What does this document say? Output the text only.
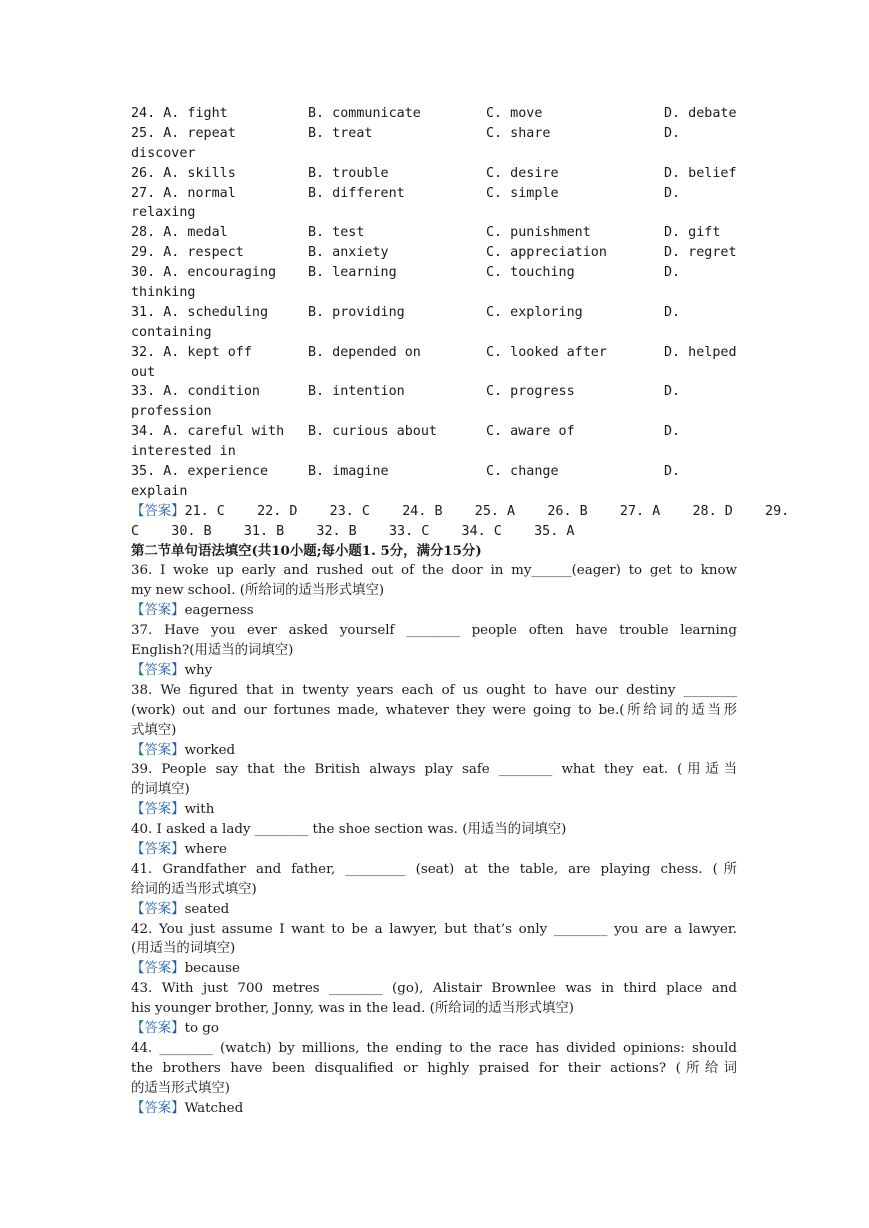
24. A. fight	B. communicate	C. move	D. debate
25. A. repeat	B. treat	C. share	D.
discover
26. A. skills	B. trouble	C. desire	D. belief
27. A. normal	B. different	C. simple	D.
relaxing
28. A. medal	B. test	C. punishment	D. gift
29. A. respect	B. anxiety	C. appreciation	D. regret
30. A. encouraging B. learning	C. touching	D.
thinking
31. A. scheduling	B. providing	C. exploring	D.
containing
32. A. kept off	B. depended on	C. looked after	D. helped
out
33. A. condition	B. intention	C. progress	D.
profession
34. A. careful with B. curious about	C. aware of	D.
interested in
35. A. experience	B. imagine	C. change	D.
explain
【答案】21. C    22. D    23. C    24. B    25. A    26. B    27. A    28. D    29.
C    30. B    31. B    32. B    33. C    34. C    35. A
第二节单句语法填空(共10小题;每小题1. 5分，满分15分)
36. I woke up early and rushed out of the door in my______(eager) to get to know
my new school. (所给词的适当形式填空)
【答案】eagerness
37. Have you ever asked yourself ________ people often have trouble learning
English?(用适当的词填空)
【答案】why
38. We figured that in twenty years each of us ought to have our destiny ________
(work) out and our fortunes made, whatever they were going to be.(所给词的适当形
式填空)
【答案】worked
39. People say that the British always play safe ________ what they eat. (用适当
的词填空)
【答案】with
40. I asked a lady ________ the shoe section was. (用适当的词填空)
【答案】where
41. Grandfather and father, _________ (seat) at the table, are playing chess. (所
给词的适当形式填空)
【答案】seated
42. You just assume I want to be a lawyer, but that’s only ________ you are a lawyer.
(用适当的词填空)
【答案】because
43. With just 700 metres ________ (go), Alistair Brownlee was in third place and
his younger brother, Jonny, was in the lead. (所给词的适当形式填空)
【答案】to go
44. ________ (watch) by millions, the ending to the race has divided opinions: should
the brothers have been disqualified or highly praised for their actions? (所给词
的适当形式填空)
【答案】Watched
